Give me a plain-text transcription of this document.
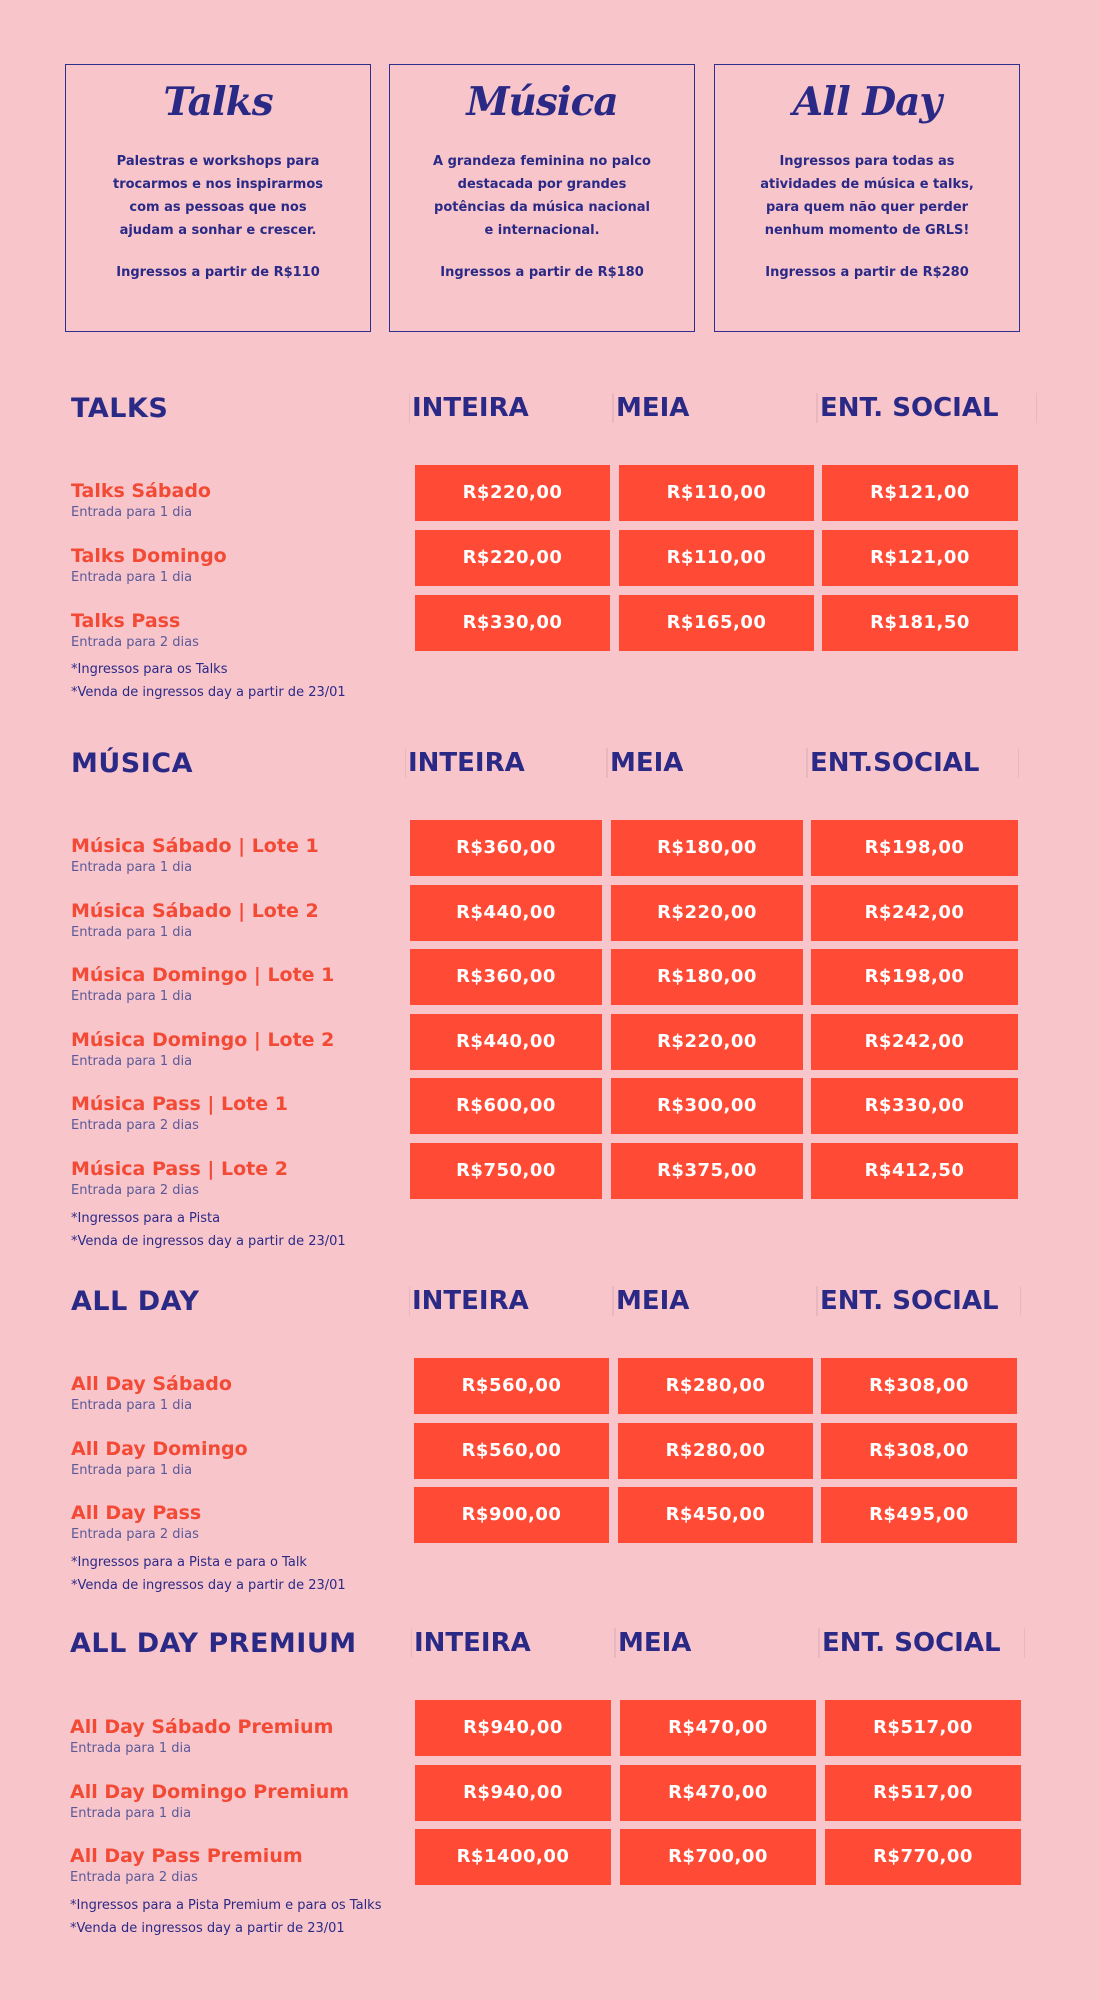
Talks
Palestras e workshops para
trocarmos e nos inspirarmos
com as pessoas que nos
ajudam a sonhar e crescer.
Ingressos a partir de R$110
Música
A grandeza feminina no palco
destacada por grandes
potências da música nacional
e internacional.
Ingressos a partir de R$180
All Day
Ingressos para todas as
atividades de música e talks,
para quem não quer perder
nenhum momento de GRLS!
Ingressos a partir de R$280
TALKS	INTEIRA	MEIA	ENT. SOCIAL
Talks Sábado
Entrada para 1 dia
R$220,00	R$110,00	R$121,00
Talks Domingo
Entrada para 1 dia
R$220,00	R$110,00	R$121,00
Talks Pass
Entrada para 2 dias
R$330,00	R$165,00	R$181,50
*Ingressos para os Talks
*Venda de ingressos day a partir de 23/01
MÚSICA	INTEIRA	MEIA	ENT.SOCIAL
Música Sábado | Lote 1
Entrada para 1 dia
R$360,00	R$180,00	R$198,00
Música Sábado | Lote 2
Entrada para 1 dia
R$440,00	R$220,00	R$242,00
Música Domingo | Lote 1
Entrada para 1 dia
R$360,00	R$180,00	R$198,00
Música Domingo | Lote 2
Entrada para 1 dia
R$440,00	R$220,00	R$242,00
Música Pass | Lote 1
Entrada para 2 dias
R$600,00	R$300,00	R$330,00
Música Pass | Lote 2
Entrada para 2 dias
R$750,00	R$375,00	R$412,50
*Ingressos para a Pista
*Venda de ingressos day a partir de 23/01
ALL DAY	INTEIRA	MEIA	ENT. SOCIAL
All Day Sábado
Entrada para 1 dia
R$560,00	R$280,00	R$308,00
All Day Domingo
Entrada para 1 dia
R$560,00	R$280,00	R$308,00
All Day Pass
Entrada para 2 dias
R$900,00	R$450,00	R$495,00
*Ingressos para a Pista e para o Talk
*Venda de ingressos day a partir de 23/01
ALL DAY PREMIUM INTEIRA	MEIA	ENT. SOCIAL
All Day Sábado Premium
Entrada para 1 dia
R$940,00	R$470,00	R$517,00
All Day Domingo Premium
Entrada para 1 dia
R$940,00	R$470,00	R$517,00
All Day Pass Premium
Entrada para 2 dias
R$1400,00	R$700,00	R$770,00
*Ingressos para a Pista Premium e para os Talks
*Venda de ingressos day a partir de 23/01
